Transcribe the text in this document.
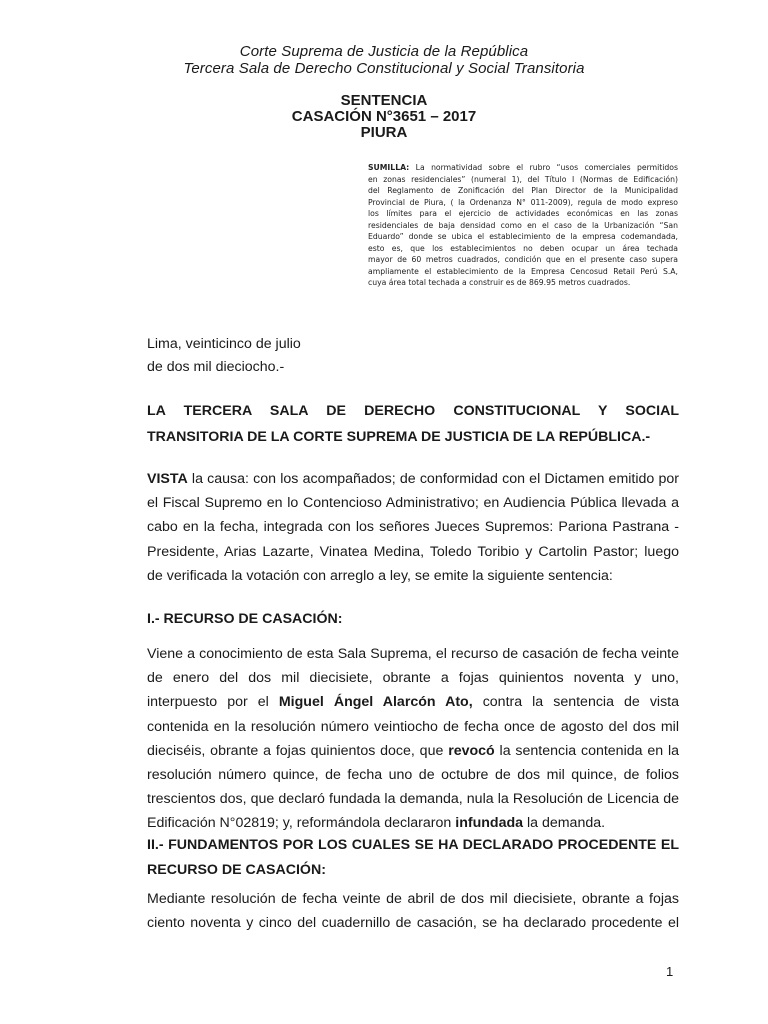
Corte Suprema de Justicia de la República
Tercera Sala de Derecho Constitucional y Social Transitoria
SENTENCIA
CASACIÓN N°3651 – 2017
PIURA
SUMILLA: La normatividad sobre el rubro “usos comerciales permitidos
en zonas residenciales” (numeral 1), del Título I (Normas de Edificación)
del Reglamento de Zonificación del Plan Director de la Municipalidad
Provincial de Piura, ( la Ordenanza N° 011-2009), regula de modo expreso
los límites para el ejercicio de actividades económicas en las zonas
residenciales de baja densidad como en el caso de la Urbanización “San
Eduardo” donde se ubica el establecimiento de la empresa codemandada,
esto es, que los establecimientos no deben ocupar un área techada
mayor de 60 metros cuadrados, condición que en el presente caso supera
ampliamente el establecimiento de la Empresa Cencosud Retail Perú S.A,
cuya área total techada a construir es de 869.95 metros cuadrados.
Lima, veinticinco de julio
de dos mil dieciocho.-
LA TERCERA SALA DE DERECHO CONSTITUCIONAL Y SOCIAL
TRANSITORIA DE LA CORTE SUPREMA DE JUSTICIA DE LA REPÚBLICA.-
VISTA la causa: con los acompañados; de conformidad con el Dictamen emitido por
el Fiscal Supremo en lo Contencioso Administrativo; en Audiencia Pública llevada a
cabo en la fecha, integrada con los señores Jueces Supremos: Pariona Pastrana -
Presidente, Arias Lazarte, Vinatea Medina, Toledo Toribio y Cartolin Pastor; luego
de verificada la votación con arreglo a ley, se emite la siguiente sentencia:
I.- RECURSO DE CASACIÓN:
Viene a conocimiento de esta Sala Suprema, el recurso de casación de fecha veinte
de enero del dos mil diecisiete, obrante a fojas quinientos noventa y uno,
interpuesto por el Miguel Ángel Alarcón Ato, contra la sentencia de vista
contenida en la resolución número veintiocho de fecha once de agosto del dos mil
dieciséis, obrante a fojas quinientos doce, que revocó la sentencia contenida en la
resolución número quince, de fecha uno de octubre de dos mil quince, de folios
trescientos dos, que declaró fundada la demanda, nula la Resolución de Licencia de
Edificación N°02819; y, reformándola declararon infundada la demanda.
II.- FUNDAMENTOS POR LOS CUALES SE HA DECLARADO PROCEDENTE EL
RECURSO DE CASACIÓN:
Mediante resolución de fecha veinte de abril de dos mil diecisiete, obrante a fojas
ciento noventa y cinco del cuadernillo de casación, se ha declarado procedente el
1
